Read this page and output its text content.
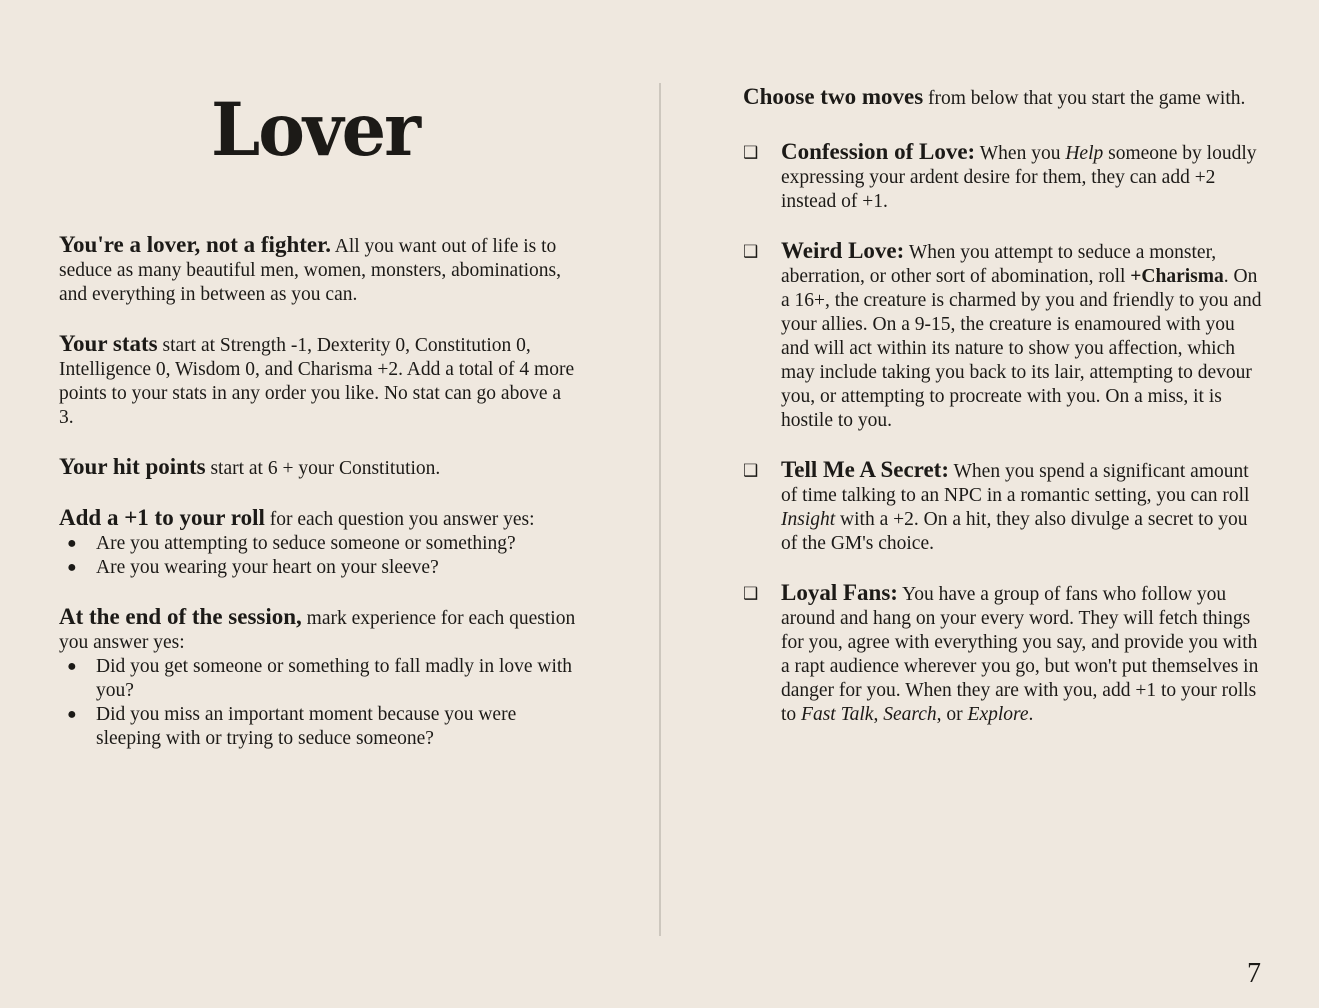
Lover

You're a lover, not a fighter. All you want out of life is to seduce as many beautiful men, women, monsters, abominations, and everything in between as you can.

Your stats start at Strength -1, Dexterity 0, Constitution 0, Intelligence 0, Wisdom 0, and Charisma +2. Add a total of 4 more points to your stats in any order you like. No stat can go above a 3.

Your hit points start at 6 + your Constitution.

Add a +1 to your roll for each question you answer yes:

● Are you attempting to seduce someone or something?
● Are you wearing your heart on your sleeve?

At the end of the session, mark experience for each question you answer yes:

● Did you get someone or something to fall madly in love with you?
● Did you miss an important moment because you were sleeping with or trying to seduce someone?

Choose two moves from below that you start the game with.

❑ Confession of Love: When you Help someone by loudly expressing your ardent desire for them, they can add +2 instead of +1.
❑ Weird Love: When you attempt to seduce a monster, aberration, or other sort of abomination, roll +Charisma. On a 16+, the creature is charmed by you and friendly to you and your allies. On a 9-15, the creature is enamoured with you and will act within its nature to show you affection, which may include taking you back to its lair, attempting to devour you, or attempting to procreate with you. On a miss, it is hostile to you.
❑ Tell Me A Secret: When you spend a significant amount of time talking to an NPC in a romantic setting, you can roll Insight with a +2. On a hit, they also divulge a secret to you of the GM's choice.
❑ Loyal Fans: You have a group of fans who follow you around and hang on your every word. They will fetch things for you, agree with everything you say, and provide you with a rapt audience wherever you go, but won't put themselves in danger for you. When they are with you, add +1 to your rolls to Fast Talk, Search, or Explore.
7
